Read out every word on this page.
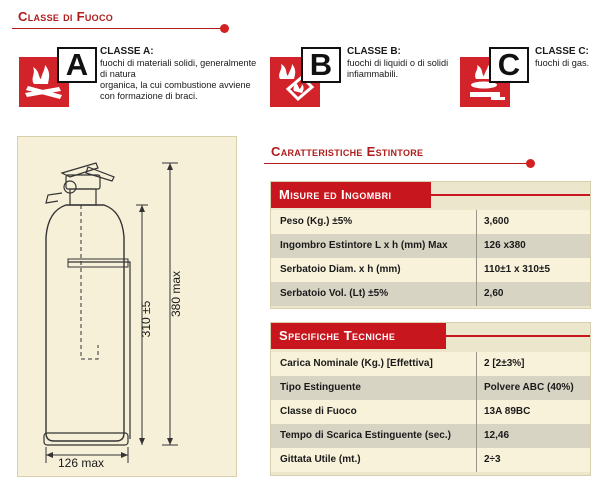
Classe di Fuoco
A	CLASSE A:
fuochi di materiali solidi, generalmente
di natura
organica, la cui combustione avviene
con formazione di braci.
B	CLASSE B:
fuochi di liquidi o di solidi
infiammabili.	C	CLASSE C:
fuochi di gas.
380 max
310 ±5
126 max
Caratteristiche Estintore
Misure ed Ingombri
Peso (Kg.) ±5%	3,600
Ingombro Estintore L x h (mm) Max	126 x380
Serbatoio Diam. x h (mm)	110±1 x 310±5
Serbatoio Vol. (Lt) ±5%	2,60
Specifiche Tecniche
Carica Nominale (Kg.) [Effettiva]	2 [2±3%]
Tipo Estinguente	Polvere ABC (40%)
Classe di Fuoco	13A 89BC
Tempo di Scarica Estinguente (sec.)	12,46
Gittata Utile (mt.)	2÷3
